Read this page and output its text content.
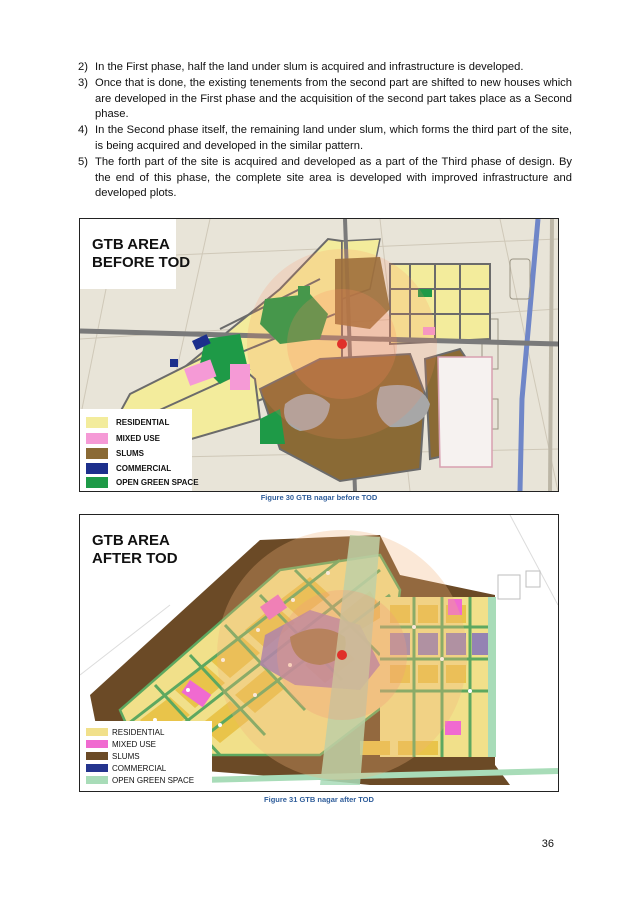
2) In the First phase, half the land under slum is acquired and infrastructure is developed.
3) Once that is done, the existing tenements from the second part are shifted to new houses which are developed in the First phase and the acquisition of the second part takes place as a Second phase.
4) In the Second phase itself, the remaining land under slum, which forms the third part of the site, is being acquired and developed in the similar pattern.
5) The forth part of the site is acquired and developed as a part of the Third phase of design. By the end of this phase, the complete site area is developed with improved infrastructure and developed plots.
GTB AREA
BEFORE TOD
RESIDENTIAL
MIXED USE
SLUMS
COMMERCIAL
OPEN GREEN SPACE
Figure 30 GTB nagar before TOD
GTB AREA
AFTER TOD
RESIDENTIAL
MIXED USE
SLUMS
COMMERCIAL
OPEN GREEN SPACE
Figure 31 GTB nagar after TOD
36
